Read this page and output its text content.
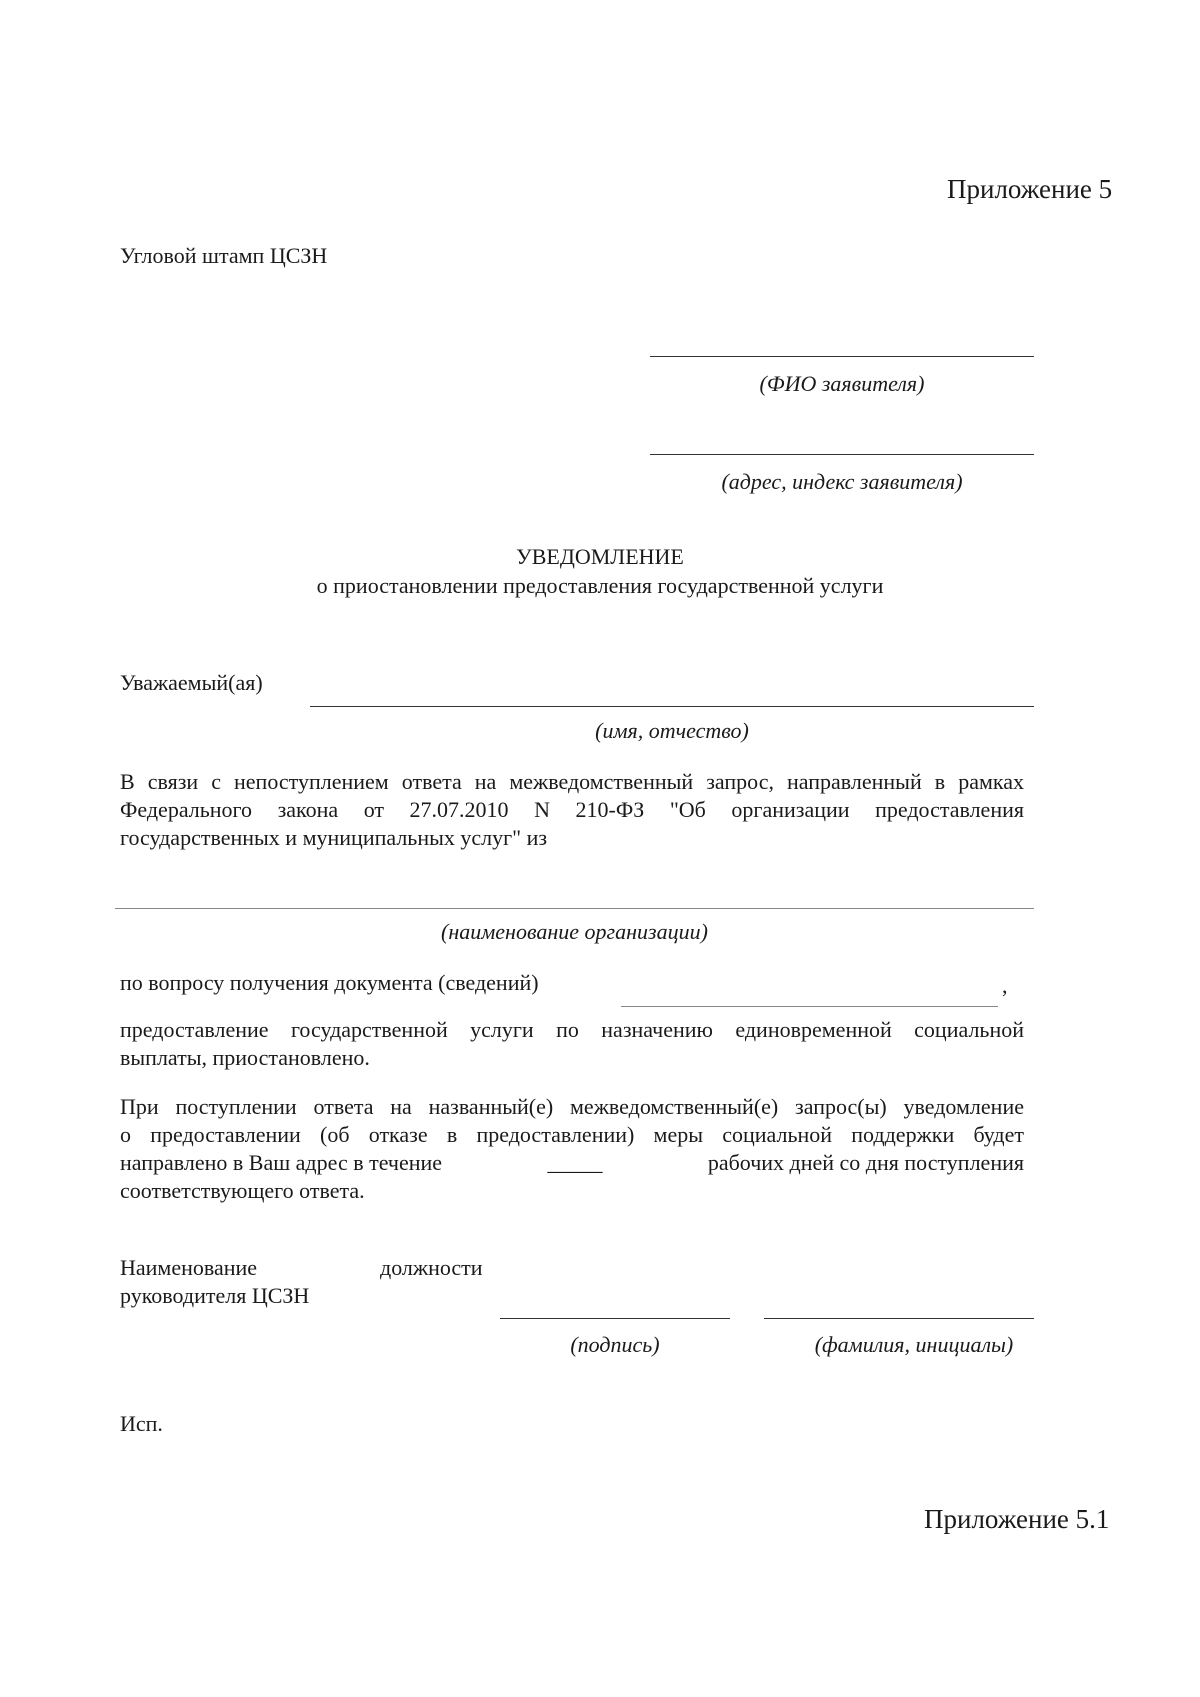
Приложение 5
Угловой штамп ЦСЗН
(ФИО заявителя)
(адрес, индекс заявителя)
УВЕДОМЛЕНИЕ
о приостановлении предоставления государственной услуги
Уважаемый(ая)
(имя, отчество)
В связи с непоступлением ответа на межведомственный запрос, направленный в рамках
Федерального закона от 27.07.2010 N 210-ФЗ "Об организации предоставления
государственных и муниципальных услуг" из
(наименование организации)
по вопросу получения документа (сведений)	,
предоставление государственной услуги по назначению единовременной социальной
выплаты, приостановлено.
При поступлении ответа на названный(е) межведомственный(е) запрос(ы) уведомление
о предоставлении (об отказе в предоставлении) меры социальной поддержки будет
направлено в Ваш адрес в течение	_____	рабочих дней со дня поступления
соответствующего ответа.
Наименование	должности
руководителя ЦСЗН
(подпись)	(фамилия, инициалы)
Исп.
Приложение 5.1
